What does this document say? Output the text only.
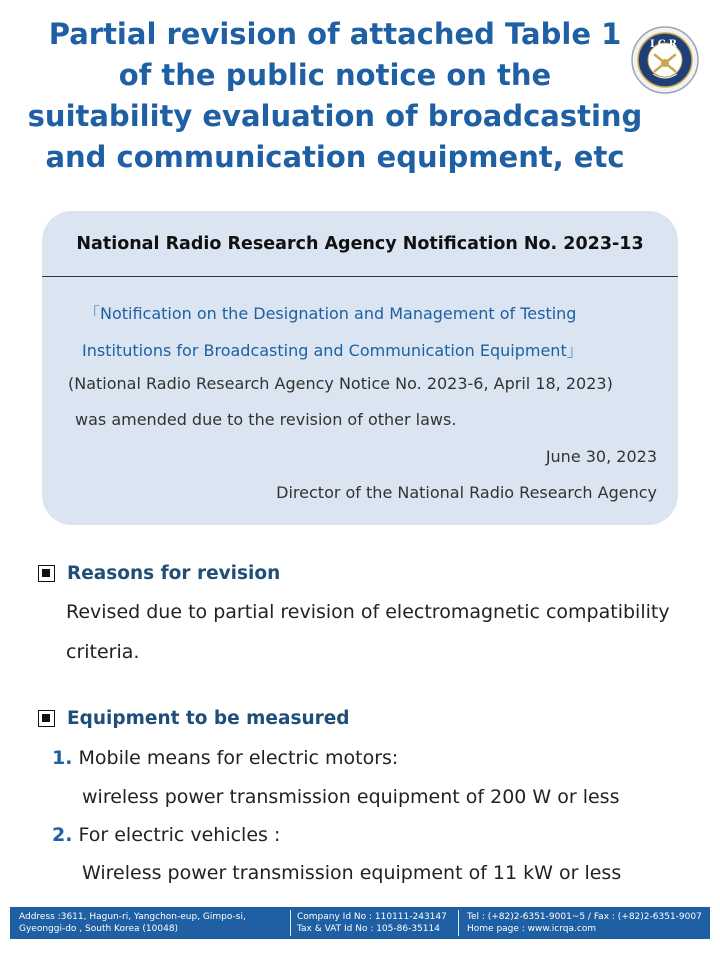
Partial revision of attached Table 1
of the public notice on the
suitability evaluation of broadcasting
and communication equipment, etc
ICR
National Radio Research Agency Notification No. 2023-13
「Notification on the Designation and Management of Testing
Institutions for Broadcasting and Communication Equipment」
(National Radio Research Agency Notice No. 2023-6, April 18, 2023)
was amended due to the revision of other laws.
June 30, 2023
Director of the National Radio Research Agency
Reasons for revision
Revised due to partial revision of electromagnetic compatibility
criteria.
Equipment to be measured
1. Mobile means for electric motors:
wireless power transmission equipment of 200 W or less
2. For electric vehicles :
Wireless power transmission equipment of 11 kW or less
Address :3611, Hagun-ri, Yangchon-eup, Gimpo-si,
Gyeonggi-do , South Korea (10048)
Company Id No : 110111-243147
Tax & VAT Id No : 105-86-35114
Tel : (+82)2-6351-9001~5 / Fax : (+82)2-6351-9007
Home page : www.icrqa.com
